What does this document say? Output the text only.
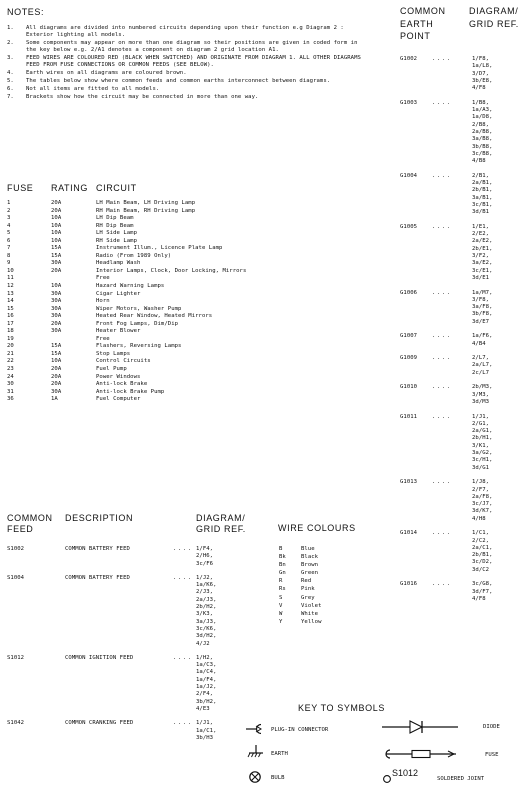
NOTES:
1.	All diagrams are divided into numbered circuits depending upon their function e.g Diagram 2 : Exterior lighting all models.
2.	Some components may appear on more than one diagram so their positions are given in coded form in the key below e.g. 2/A1 denotes a component on diagram 2 grid location A1.
3.	FEED WIRES ARE COLOURED RED (BLACK WHEN SWITCHED) AND ORIGINATE FROM DIAGRAM 1. ALL OTHER DIAGRAMS FEED FROM FUSE CONNECTIONS OR COMMON FEEDS (SEE BELOW).
4.	Earth wires on all diagrams are coloured brown.
5.	The tables below show where common feeds and common earths interconnect between diagrams.
6.	Not all items are fitted to all models.
7.	Brackets show how the circuit may be connected in more than one way.
FUSE RATING CIRCUIT
1	20A	LH Main Beam, LH Driving Lamp
2	20A	RH Main Beam, RH Driving Lamp
3	10A	LH Dip Beam
4	10A	RH Dip Beam
5	10A	LH Side Lamp
6	10A	RH Side Lamp
7	15A	Instrument Illum., Licence Plate Lamp
8	15A	Radio (From 1989 Only)
9	30A	Headlamp Wash
10	20A	Interior Lamps, Clock, Door Locking, Mirrors
11		Free
12	10A	Hazard Warning Lamps
13	30A	Cigar Lighter
14	30A	Horn
15	30A	Wiper Motors, Washer Pump
16	30A	Heated Rear Window, Heated Mirrors
17	20A	Front Fog Lamps, Dim/Dip
18	30A	Heater Blower
19		Free
20	15A	Flashers, Reversing Lamps
21	15A	Stop Lamps
22	10A	Control Circuits
23	20A	Fuel Pump
24	20A	Power Windows
30	20A	Anti-lock Brake
31	30A	Anti-lock Brake Pump
36	1A	Fuel Computer
COMMON
FEED
DESCRIPTION	DIAGRAM/
GRID REF.
S1002	COMMON BATTERY FEED	.... 1/F4,
2/H6,
3c/F6
S1004	COMMON BATTERY FEED	.... 1/J2,
1a/K6,
2/J3,
2a/J3,
2b/H2,
3/K3,
3a/J3,
3c/K6,
3d/H2,
4/J2
S1012	COMMON IGNITION FEED	.... 1/H2,
1a/C3,
1a/C4,
1a/F4,
1a/J2,
2/F4,
3b/H2,
4/E3
S1042	COMMON CRANKING FEED	.... 1/J1,
1a/C1,
3b/H3
WIRE COLOURS
B	Blue
Bk	Black
Bn	Brown
Gn	Green
R	Red
Rs	Pink
S	Grey
V	Violet
W	White
Y	Yellow
KEY TO SYMBOLS
PLUG-IN CONNECTOR
EARTH
BULB
DIODE
FUSE
S1012
SOLDERED JOINT
COMMON
EARTH
POINT
DIAGRAM/
GRID REF.
G1002	....	1/F8,
1a/L8,
3/D7,
3b/E8,
4/F8
G1003	....	1/B8,
1a/A3,
1a/D8,
2/B8,
2a/B8,
3a/B8,
3b/B8,
3c/B8,
4/B8
G1004	....	2/B1,
2a/B1,
2b/B1,
3a/B1,
3c/B1,
3d/B1
G1005	....	1/E1,
2/E2,
2a/E2,
2b/E1,
3/F2,
3a/E2,
3c/E1,
3d/E1
G1006	....	1a/M7,
3/F8,
3a/F8,
3b/F8,
3d/E7
G1007	....	1a/F6,
4/B4
G1009	....	2/L7,
2a/L7,
2c/L7
G1010	....	2b/M3,
3/M3,
3d/M3
G1011	....	1/J1,
2/G1,
2a/G1,
2b/H1,
3/K1,
3a/G2,
3c/H1,
3d/G1
G1013	....	1/J8,
2/F7,
2a/F8,
3c/J7,
3d/K7,
4/H8
G1014	....	1/C1,
2/C2,
2a/C1,
2b/B1,
3c/D2,
3d/C2
G1016	....	3c/G8,
3d/F7,
4/F8
